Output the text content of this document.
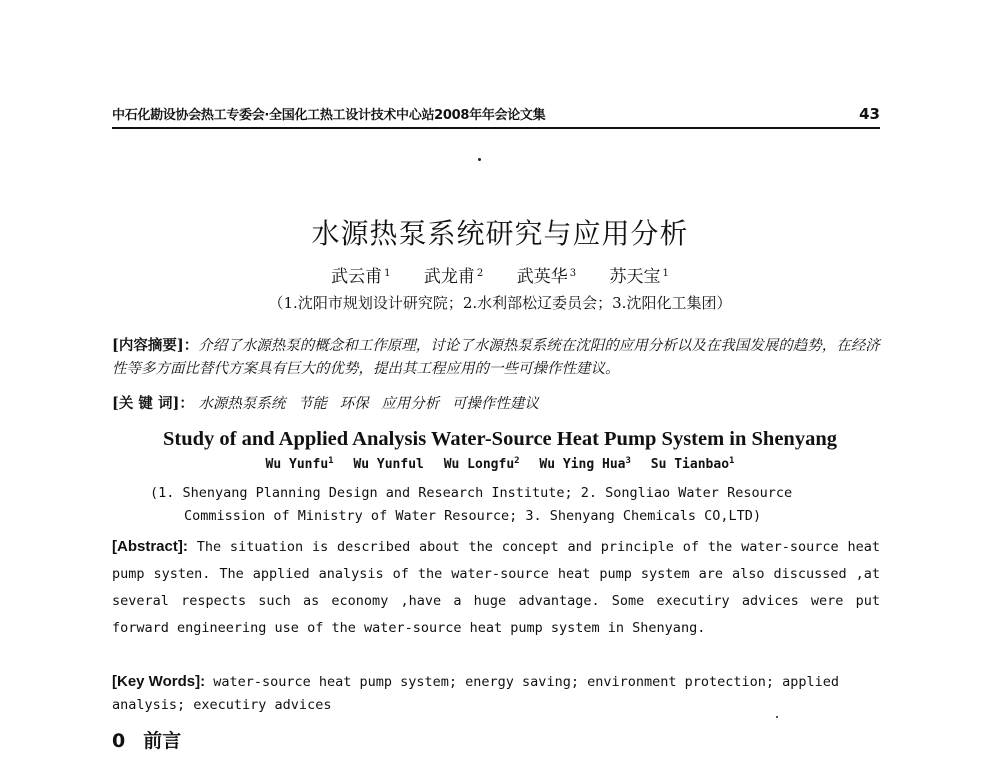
中石化勘设协会热工专委会·全国化工热工设计技术中心站2008年年会论文集	43
水源热泵系统研究与应用分析
武云甫 $^1$ 武龙甫 $^2$ 武英华 $^3$ 苏天宝 $^1$
（1.沈阳市规划设计研究院；2.水利部松辽委员会；3.沈阳化工集团）
[内容摘要]：介绍了水源热泵的概念和工作原理，讨论了水源热泵系统在沈阳的应用分析以及在我国发展的趋势，在经济性等多方面比替代方案具有巨大的优势，提出其工程应用的一些可操作性建议。
[关 键 词]： 水源热泵系统 节能 环保 应用分析 可操作性建议
Study of and Applied Analysis Water-Source Heat Pump System in Shenyang
Wu Yunfu$^1$ Wu Yunful Wu Longfu$^2$ Wu Ying Hua$^3$ Su Tianbao$^1$
(1. Shenyang Planning Design and Research Institute; 2. Songliao Water Resource
Commission of Ministry of Water Resource; 3. Shenyang Chemicals CO,LTD)
[Abstract]: The situation is described about the concept and principle of the water-source heat pump systen. The applied analysis of the water-source heat pump system are also discussed ,at several respects such as economy ,have a huge advantage. Some executiry advices were put forward engineering use of the water-source heat pump system in Shenyang.
[Key Words]: water-source heat pump system; energy saving; environment protection; applied analysis; executiry advices
0 前言
